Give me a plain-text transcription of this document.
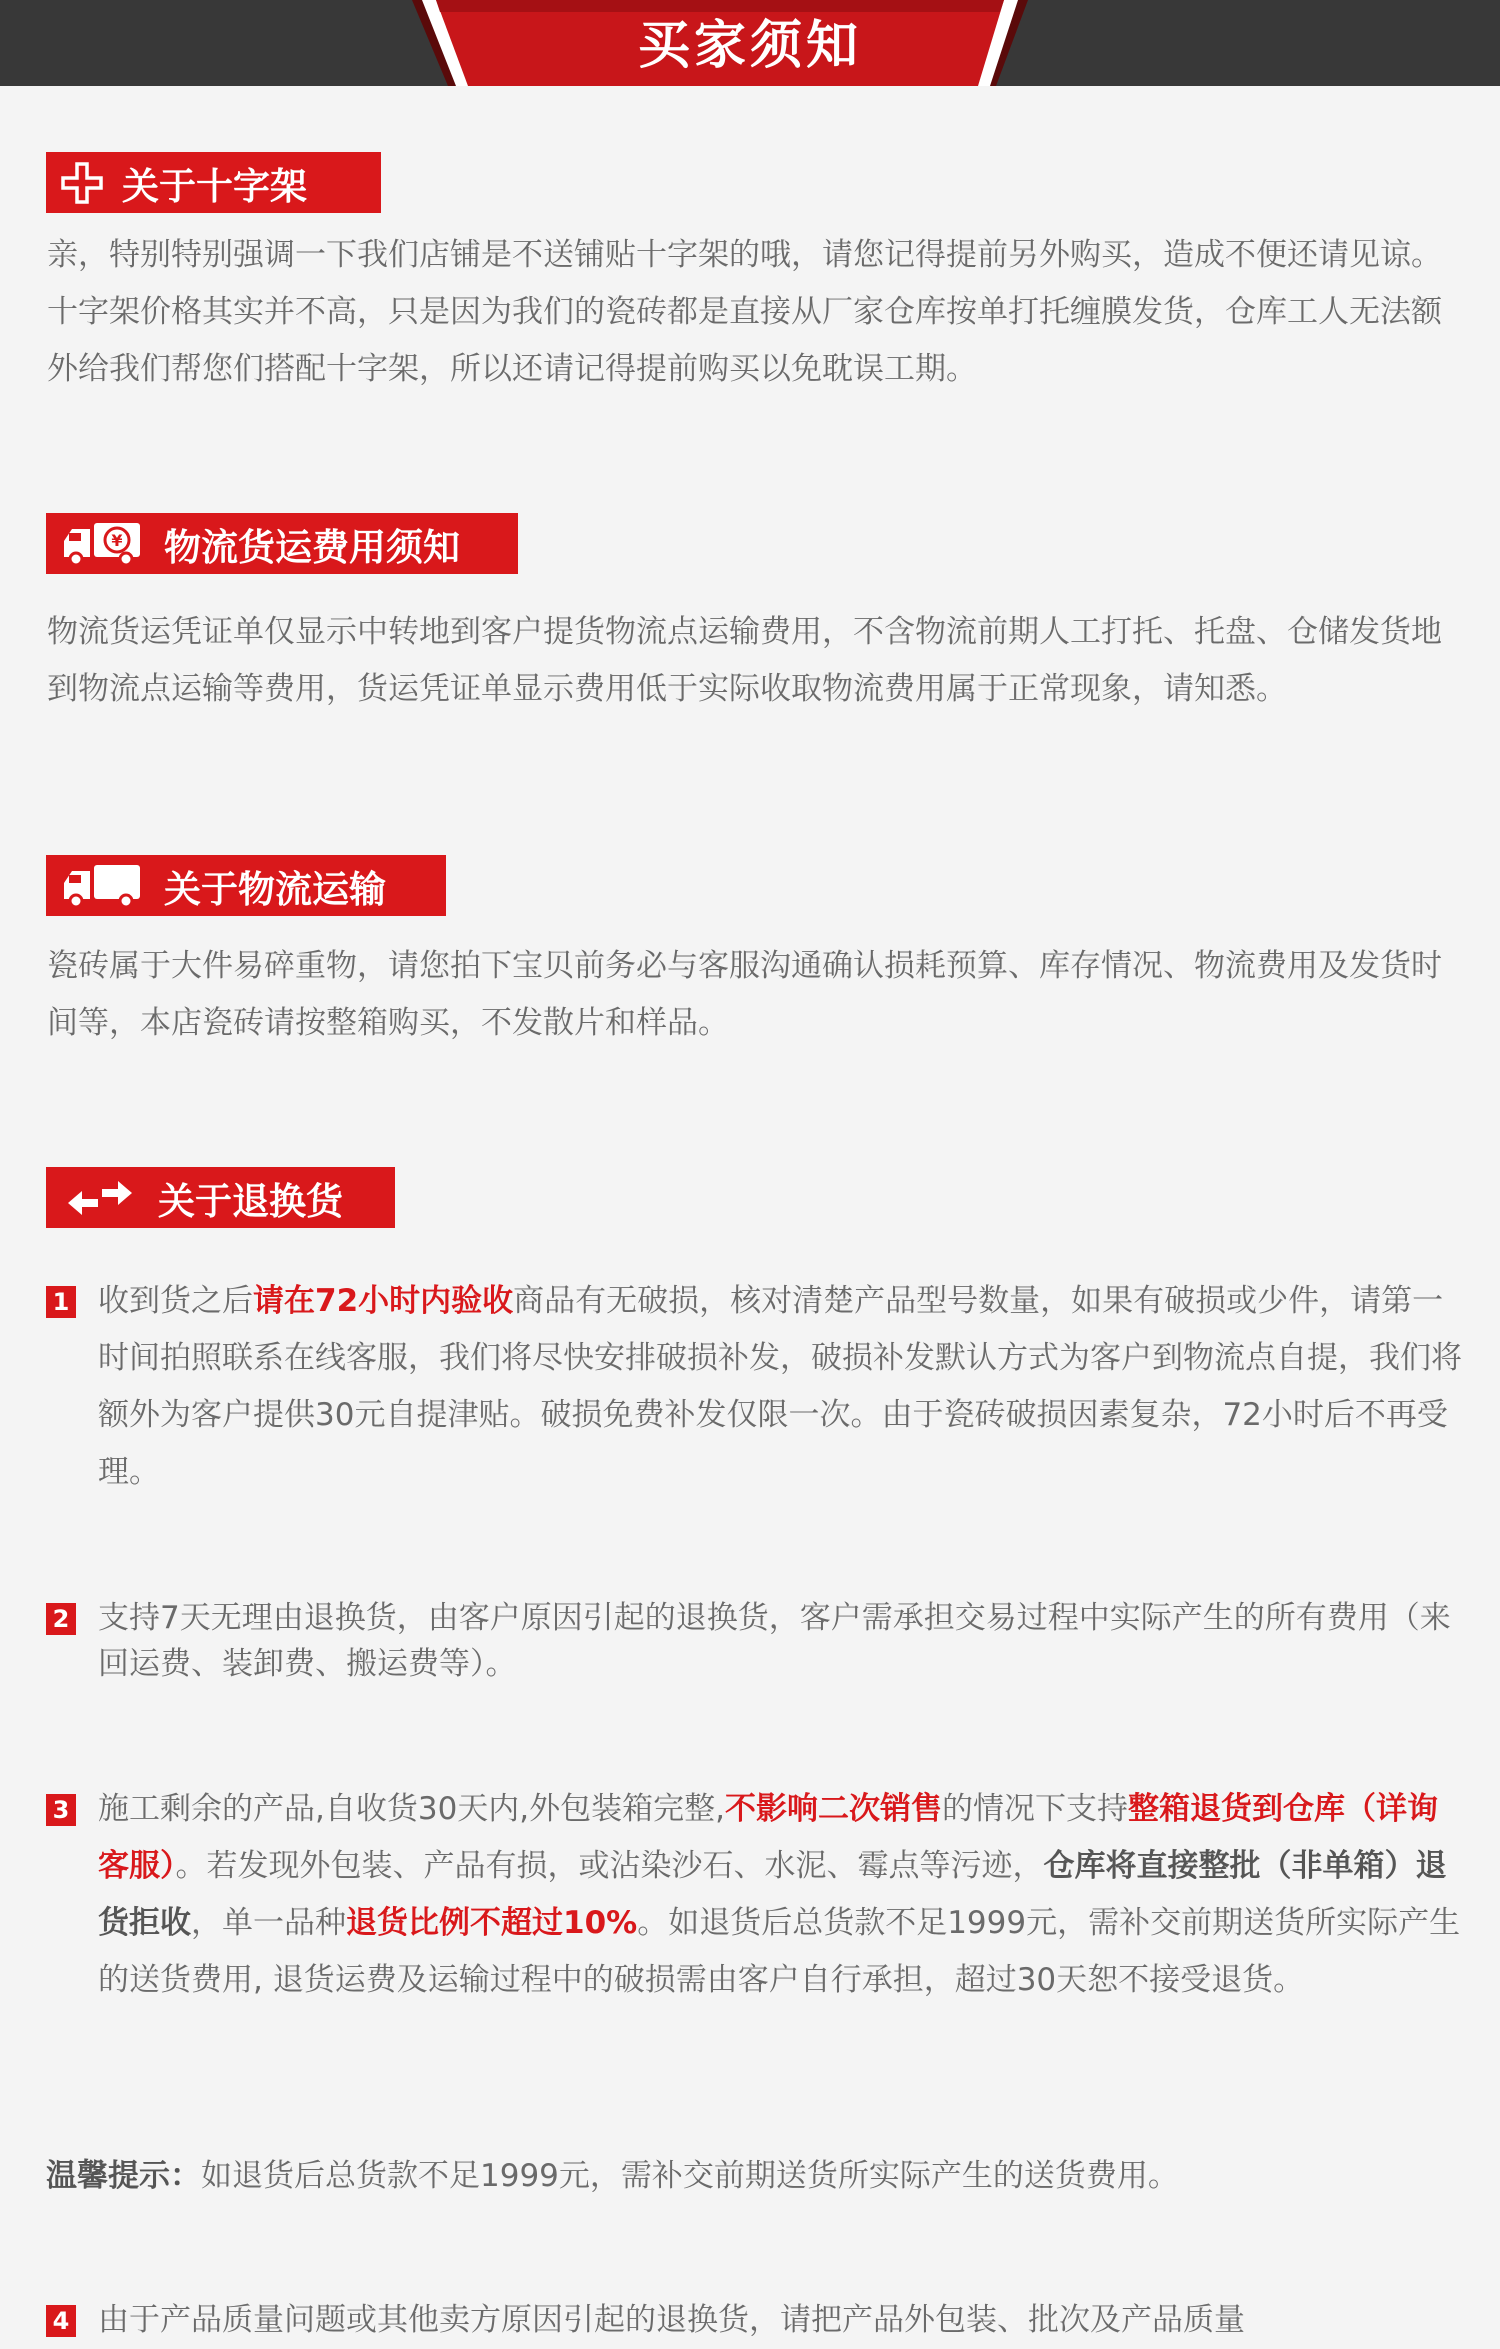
买家须知
关于十字架

亲，特别特别强调一下我们店铺是不送铺贴十字架的哦，请您记得提前另外购买，造成不便还请见谅。十字架价格其实并不高，只是因为我们的瓷砖都是直接从厂家仓库按单打托缠膜发货，仓库工人无法额外给我们帮您们搭配十字架，所以还请记得提前购买以免耽误工期。

¥ 物流货运费用须知

物流货运凭证单仅显示中转地到客户提货物流点运输费用，不含物流前期人工打托、托盘、仓储发货地到物流点运输等费用，货运凭证单显示费用低于实际收取物流费用属于正常现象，请知悉。

关于物流运输

瓷砖属于大件易碎重物，请您拍下宝贝前务必与客服沟通确认损耗预算、库存情况、物流费用及发货时间等，本店瓷砖请按整箱购买，不发散片和样品。

关于退换货
1 收到货之后请在72小时内验收商品有无破损，核对清楚产品型号数量，如果有破损或少件，请第一时间拍照联系在线客服，我们将尽快安排破损补发，破损补发默认方式为客户到物流点自提，我们将额外为客户提供30元自提津贴。破损免费补发仅限一次。由于瓷砖破损因素复杂，72小时后不再受理。
2 支持7天无理由退换货，由客户原因引起的退换货，客户需承担交易过程中实际产生的所有费用（来回运费、装卸费、搬运费等）。
3 施工剩余的产品,自收货30天内,外包装箱完整,不影响二次销售的情况下支持整箱退货到仓库（详询客服）。若发现外包装、产品有损，或沾染沙石、水泥、霉点等污迹，仓库将直接整批（非单箱）退货拒收，单一品种退货比例不超过10%。如退货后总货款不足1999元，需补交前期送货所实际产生的送货费用, 退货运费及运输过程中的破损需由客户自行承担，超过30天恕不接受退货。
温馨提示：如退货后总货款不足1999元，需补交前期送货所实际产生的送货费用。
4 由于产品质量问题或其他卖方原因引起的退换货，请把产品外包装、批次及产品质量
